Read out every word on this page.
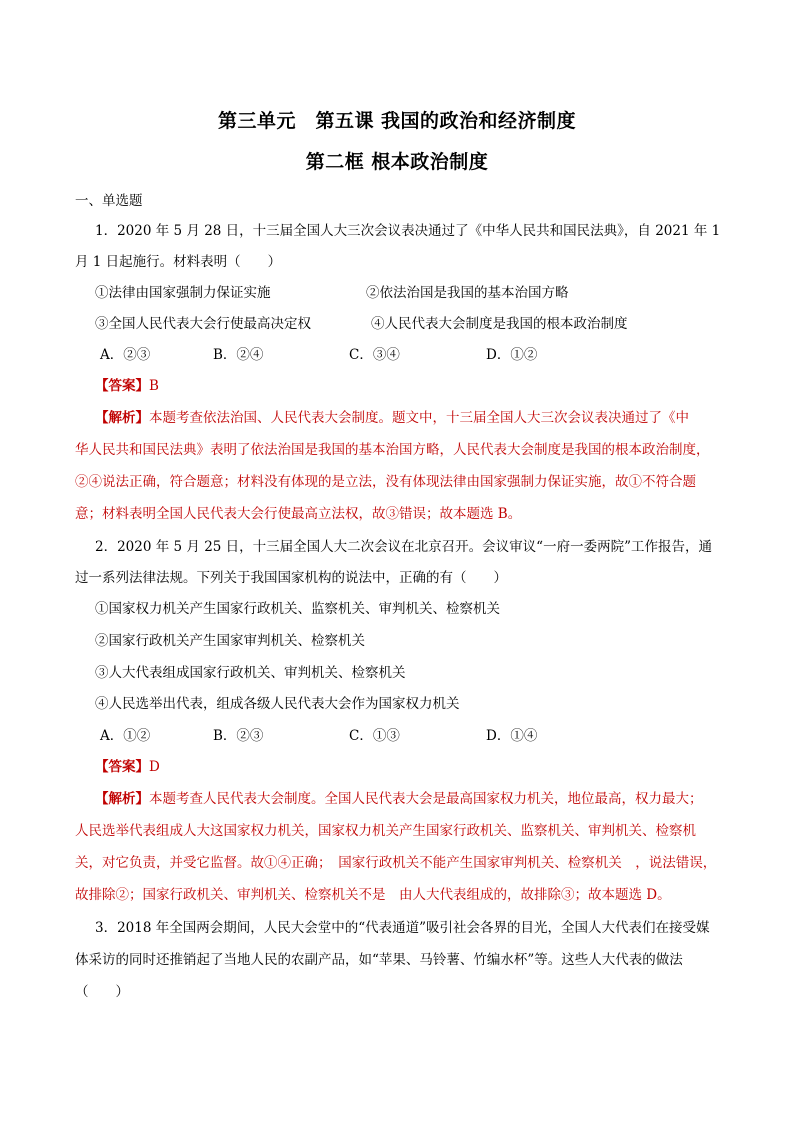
第三单元　第五课 我国的政治和经济制度
第二框 根本政治制度
一、单选题
1．2020 年 5 月 28 日，十三届全国人大三次会议表决通过了《中华人民共和国民法典》，自 2021 年 1
月 1 日起施行。材料表明（　　）
①法律由国家强制力保证实施	②依法治国是我国的基本治国方略
③全国人民代表大会行使最高决定权	④人民代表大会制度是我国的根本政治制度
A．②③	B．②④	C．③④	D．①②
【答案】B
【解析】本题考查依法治国、人民代表大会制度。题文中，十三届全国人大三次会议表决通过了《中
华人民共和国民法典》表明了依法治国是我国的基本治国方略，人民代表大会制度是我国的根本政治制度，
②④说法正确，符合题意；材料没有体现的是立法，没有体现法律由国家强制力保证实施，故①不符合题
意；材料表明全国人民代表大会行使最高立法权，故③错误；故本题选 B。
2．2020 年 5 月 25 日，十三届全国人大二次会议在北京召开。会议审议“一府一委两院”工作报告，通
过一系列法律法规。下列关于我国国家机构的说法中，正确的有（　　）
①国家权力机关产生国家行政机关、监察机关、审判机关、检察机关
②国家行政机关产生国家审判机关、检察机关
③人大代表组成国家行政机关、审判机关、检察机关
④人民选举出代表，组成各级人民代表大会作为国家权力机关
A．①②	B．②③	C．①③	D．①④
【答案】D
【解析】本题考查人民代表大会制度。全国人民代表大会是最高国家权力机关，地位最高，权力最大；
人民选举代表组成人大这国家权力机关，国家权力机关产生国家行政机关、监察机关、审判机关、检察机
关，对它负责，并受它监督。故①④正确；　国家行政机关不能产生国家审判机关、检察机关　，说法错误，
故排除②；国家行政机关、审判机关、检察机关不是　由人大代表组成的，故排除③；故本题选 D。
3．2018 年全国两会期间，人民大会堂中的“代表通道”吸引社会各界的目光，全国人大代表们在接受媒
体采访的同时还推销起了当地人民的农副产品，如“苹果、马铃薯、竹编水杯”等。这些人大代表的做法
（　　）
